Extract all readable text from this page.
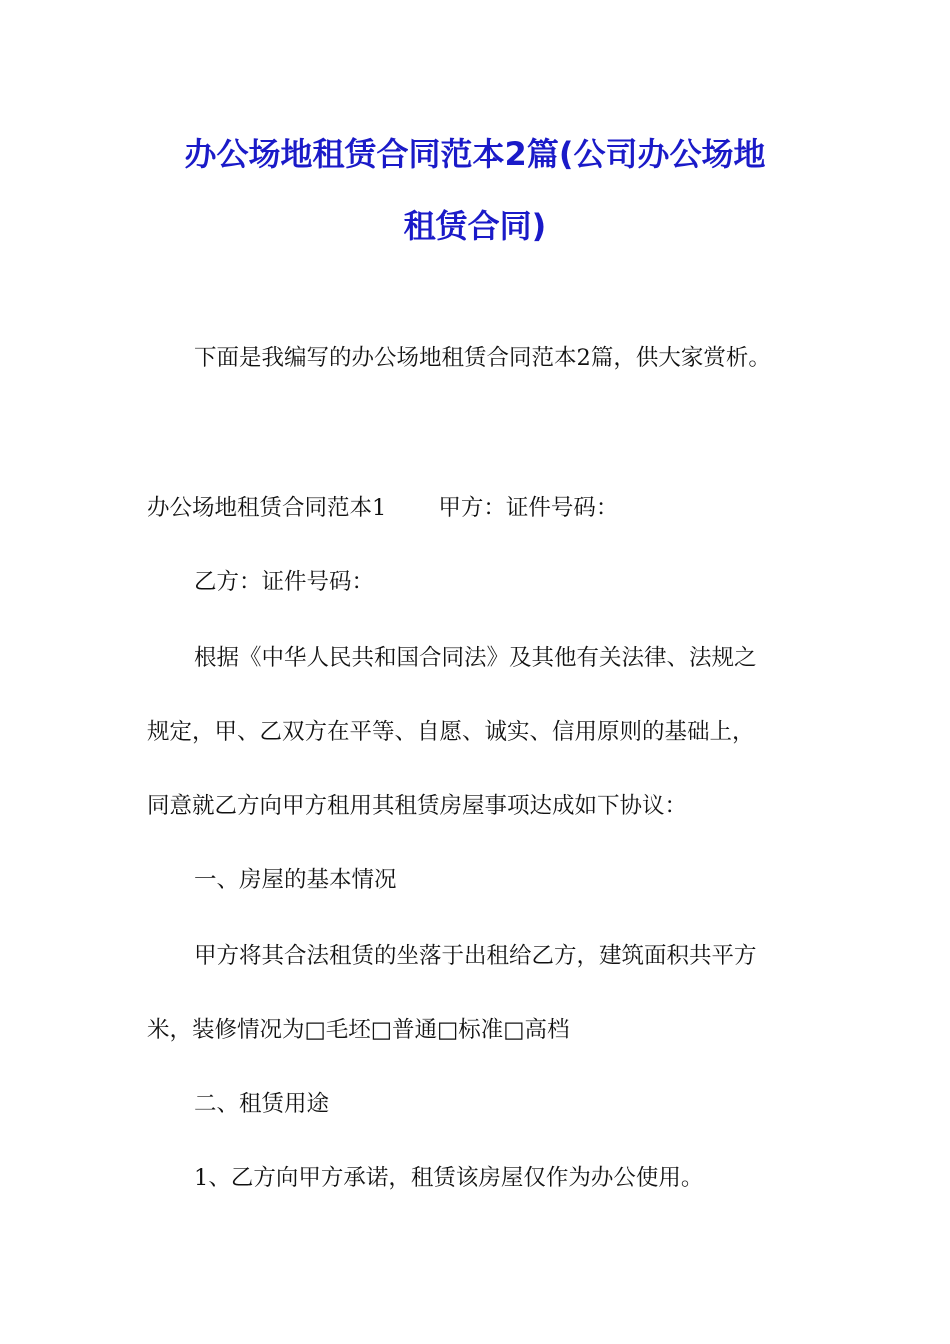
办公场地租赁合同范本2篇(公司办公场地
租赁合同)
下面是我编写的办公场地租赁合同范本2篇，供大家赏析。
办公场地租赁合同范本1 甲方：证件号码：
乙方：证件号码：
根据《中华人民共和国合同法》及其他有关法律、法规之
规定，甲、乙双方在平等、自愿、诚实、信用原则的基础上，
同意就乙方向甲方租用其租赁房屋事项达成如下协议：
一、房屋的基本情况
甲方将其合法租赁的坐落于出租给乙方，建筑面积共平方
米，装修情况为□毛坯□普通□标准□高档
二、租赁用途
1、乙方向甲方承诺，租赁该房屋仅作为办公使用。
